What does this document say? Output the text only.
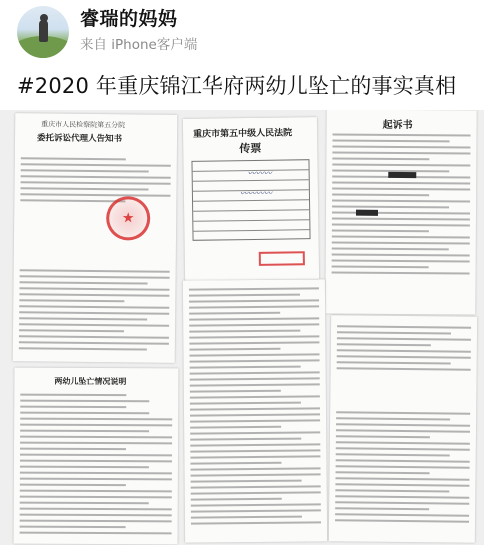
睿瑞的妈妈
来自 iPhone客户端
#2020 年重庆锦江华府两幼儿坠亡的事实真相
重庆市人民检察院第五分院
委托诉讼代理人告知书
★
重庆市第五中级人民法院
传票
〰〰〰
〰〰〰〰
起诉书
两幼儿坠亡情况说明
